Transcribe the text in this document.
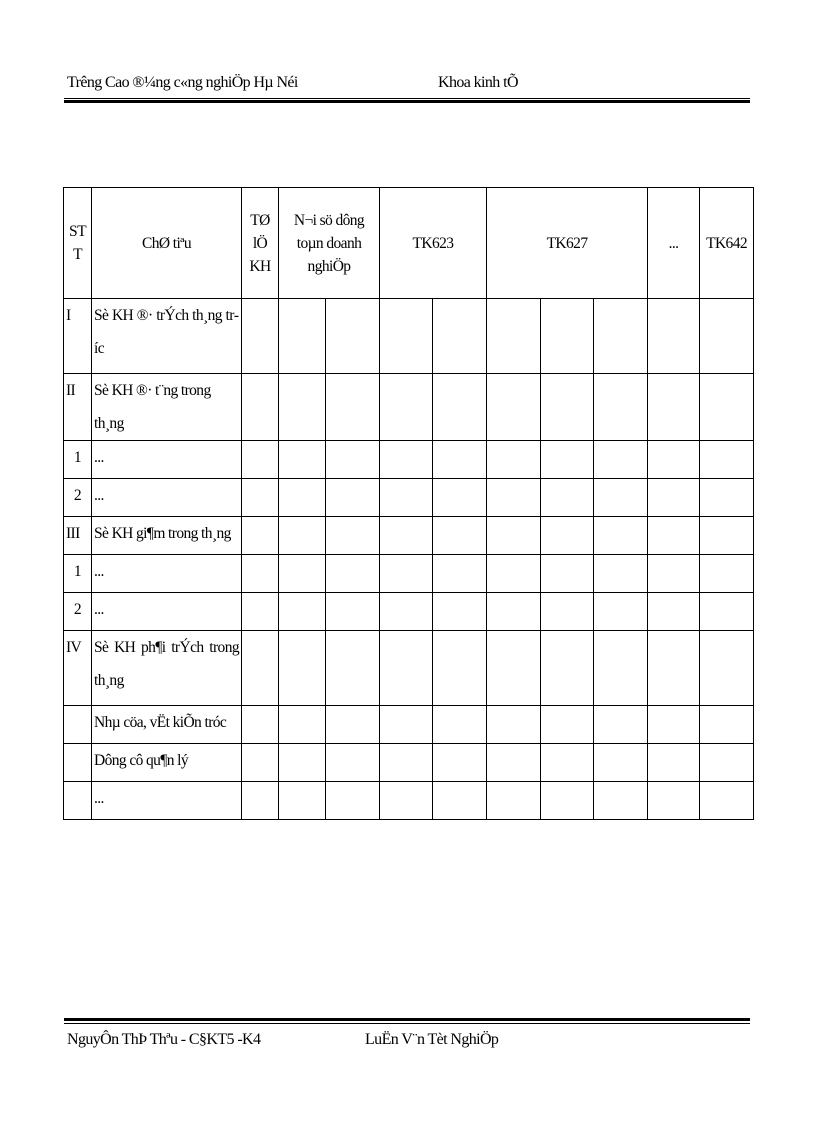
Trêng Cao ®¼ng c«ng nghiÖp Hµ Néi	Khoa kinh tÕ
STT	ChØ tiªu	TØ lÖ KH	N¬i sö dông toµn doanh nghiÖp		TK623		TK627			...	TK642
I	Sè KH ®· trÝch th¸ng tríc										
II	Sè KH ®· t¨ng trong th¸ng										
1	...										
2	...										
III	Sè KH gi¶m trong th¸ng										
1	...										
2	...										
IV	Sè KH ph¶i trÝch trong th¸ng										
	Nhµ cöa, vËt kiÕn tróc										
	Dông cô qu¶n lý										
	...										
NguyÔn ThÞ Thªu - C§KT5 -K4	LuËn V¨n Tèt NghiÖp
